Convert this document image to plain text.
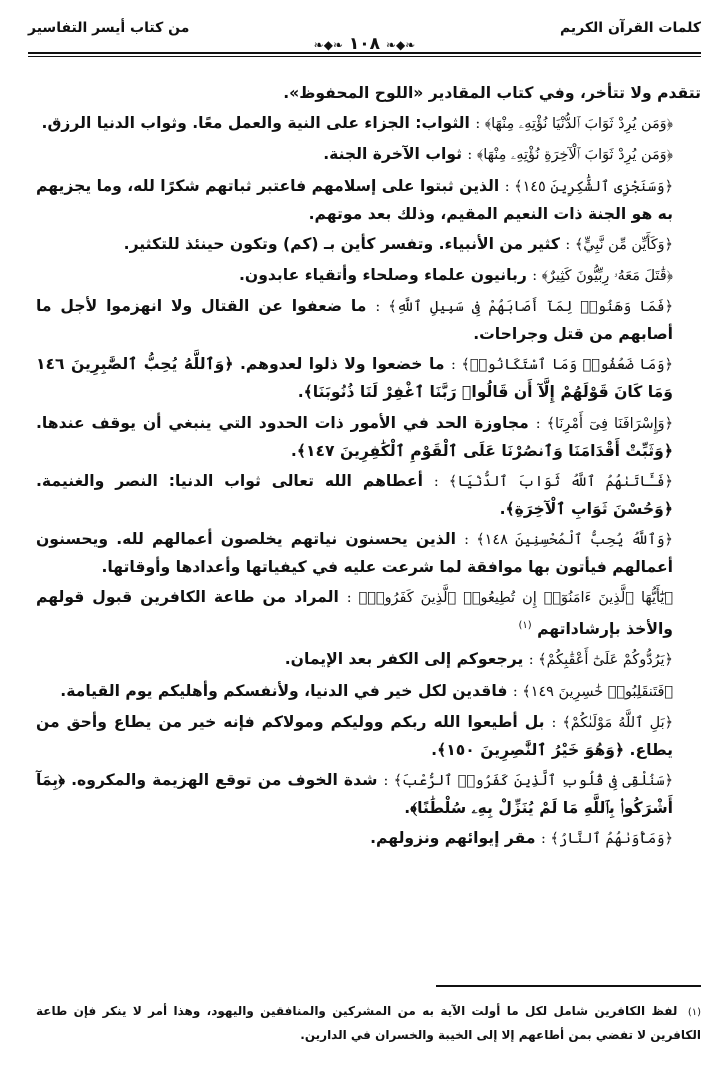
كلمات القرآن الكريم
❧◆❧ ١٠٨ ❧◆❧
من كتاب أيسر التفاسير

تتقدم ولا تتأخر، وفي كتاب المقادير «اللوح المحفوظ».

﴿وَمَن يُرِدْ ثَوَابَ ٱلدُّنْيَا نُؤْتِهِۦ مِنْهَا﴾ : الثواب: الجزاء على النية والعمل معًا. وثواب الدنيا الرزق.

﴿وَمَن يُرِدْ ثَوَابَ ٱلْآخِرَةِ نُؤْتِهِۦ مِنْهَا﴾ : ثواب الآخرة الجنة.

﴿وَسَنَجْزِى ٱلشَّٰكِرِينَ ١٤٥﴾ : الذين ثبتوا على إسلامهم فاعتبر ثباتهم شكرًا لله، وما يجزيهم به هو الجنة ذات النعيم المقيم، وذلك بعد موتهم.

﴿وَكَأَيِّن مِّن نَّبِيٍّ﴾ : كثير من الأنبياء. وتفسر كأين بـ (كم) وتكون حينئذ للتكثير.

﴿قَٰتَلَ مَعَهُۥ رِبِّيُّونَ كَثِيرٌ﴾ : ربانيون علماء وصلحاء وأتقياء عابدون.

﴿فَمَا وَهَنُوا۟ لِمَآ أَصَابَهُمْ فِى سَبِيلِ ٱللَّهِ﴾ : ما ضعفوا عن القتال ولا انهزموا لأجل ما أصابهم من قتل وجراحات.

﴿وَمَا ضَعُفُوا۟ وَمَا ٱسْتَكَانُوا۟﴾ : ما خضعوا ولا ذلوا لعدوهم. ﴿وَٱللَّهُ يُحِبُّ ٱلصَّٰبِرِينَ ١٤٦ وَمَا كَانَ قَوْلَهُمْ إِلَّآ أَن قَالُوا۟ رَبَّنَا ٱغْفِرْ لَنَا ذُنُوبَنَا﴾.

﴿وَإِسْرَافَنَا فِىٓ أَمْرِنَا﴾ : مجاوزة الحد في الأمور ذات الحدود التي ينبغي أن يوقف عندها. ﴿وَثَبِّتْ أَقْدَامَنَا وَٱنصُرْنَا عَلَى ٱلْقَوْمِ ٱلْكَٰفِرِينَ ١٤٧﴾.

﴿فَـَٔاتَىٰهُمُ ٱللَّهُ ثَوَابَ ٱلدُّنْيَا﴾ : أعطاهم الله تعالى ثواب الدنيا: النصر والغنيمة. ﴿وَحُسْنَ ثَوَابِ ٱلْآخِرَةِ﴾.

﴿وَٱللَّهُ يُحِبُّ ٱلْمُحْسِنِينَ ١٤٨﴾ : الذين يحسنون نياتهم يخلصون أعمالهم لله. ويحسنون أعمالهم فيأتون بها موافقة لما شرعت عليه في كيفياتها وأعدادها وأوقاتها.

﴿يَٰٓأَيُّهَا ٱلَّذِينَ ءَامَنُوٓا۟ إِن تُطِيعُوا۟ ٱلَّذِينَ كَفَرُوا۟﴾ : المراد من طاعة الكافرين قبول قولهم والأخذ بإرشاداتهم $^{(١)}$

﴿يَرُدُّوكُمْ عَلَىٰٓ أَعْقَٰبِكُمْ﴾ : يرجعوكم إلى الكفر بعد الإيمان.

﴿فَتَنقَلِبُوا۟ خَٰسِرِينَ ١٤٩﴾ : فاقدين لكل خير في الدنيا، ولأنفسكم وأهليكم يوم القيامة.

﴿بَلِ ٱللَّهُ مَوْلَىٰكُمْ﴾ : بل أطيعوا الله ربكم ووليكم ومولاكم فإنه خير من يطاع وأحق من يطاع. ﴿وَهُوَ خَيْرُ ٱلنَّٰصِرِينَ ١٥٠﴾.

﴿سَنُلْقِى فِى قُلُوبِ ٱلَّذِينَ كَفَرُوا۟ ٱلرُّعْبَ﴾ : شدة الخوف من توقع الهزيمة والمكروه. ﴿بِمَآ أَشْرَكُوا۟ بِٱللَّهِ مَا لَمْ يُنَزِّلْ بِهِۦ سُلْطَٰنًا﴾.

﴿وَمَأْوَىٰهُمُ ٱلنَّارُ﴾ : مقر إيوائهم ونزولهم.

(١) لفظ الكافرين شامل لكل ما أولت الآية به من المشركين والمنافقين واليهود، وهذا أمر لا ينكر فإن طاعة الكافرين لا تفضي بمن أطاعهم إلا إلى الخيبة والخسران في الدارين.
